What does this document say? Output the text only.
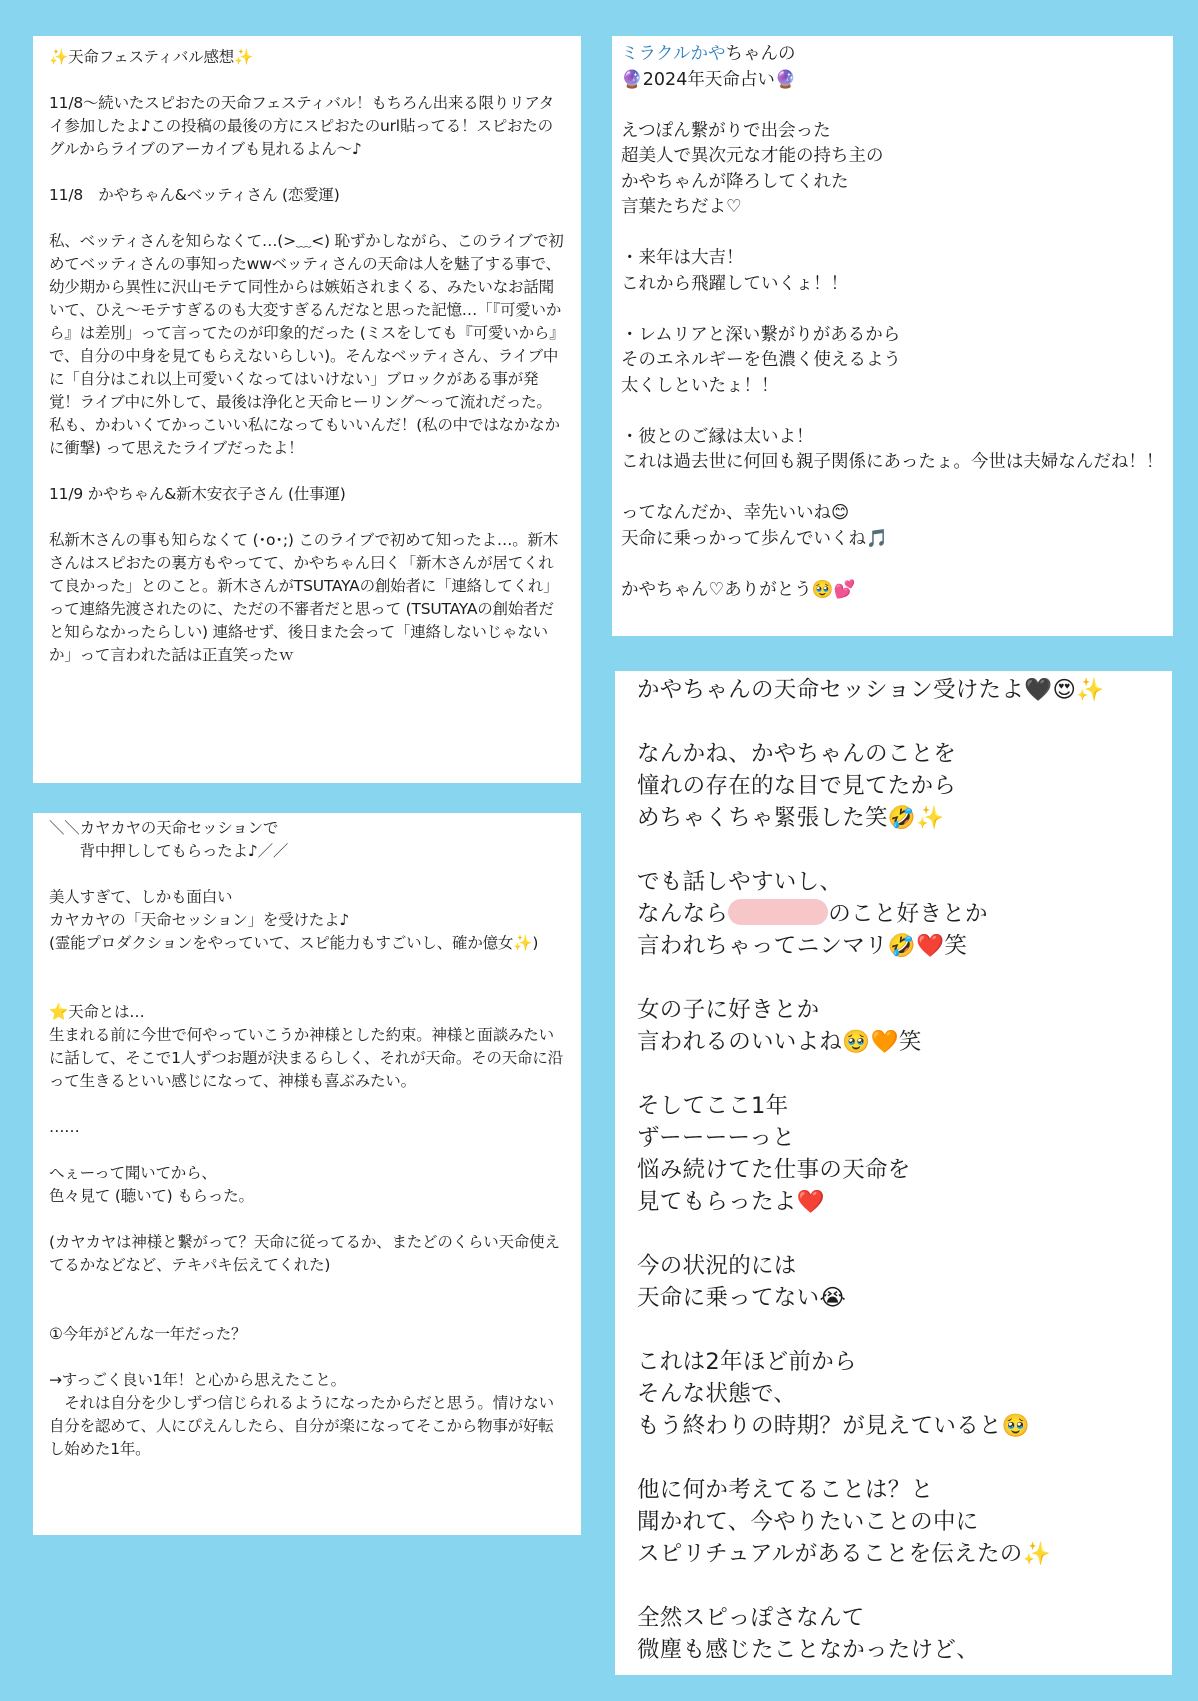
✨天命フェスティバル感想✨

11/8〜続いたスピおたの天命フェスティバル！もちろん出来る限りリアタイ参加したよ♪この投稿の最後の方にスピおたのurl貼ってる！スピおたのグルからライブのアーカイブも見れるよん〜♪

11/8　かやちゃん&ベッティさん (恋愛運)

私、ベッティさんを知らなくて…(>﹏<) 恥ずかしながら、このライブで初めてベッティさんの事知ったwwベッティさんの天命は人を魅了する事で、幼少期から異性に沢山モテて同性からは嫉妬されまくる、みたいなお話聞いて、ひえ〜モテすぎるのも大変すぎるんだなと思った記憶…「『可愛いから』は差別」って言ってたのが印象的だった (ミスをしても『可愛いから』で、自分の中身を見てもらえないらしい)。そんなベッティさん、ライブ中に「自分はこれ以上可愛いくなってはいけない」ブロックがある事が発覚！ライブ中に外して、最後は浄化と天命ヒーリング〜って流れだった。私も、かわいくてかっこいい私になってもいいんだ！(私の中ではなかなかに衝撃) って思えたライブだったよ！

11/9 かやちゃん&新木安衣子さん (仕事運)

私新木さんの事も知らなくて (･o･;) このライブで初めて知ったよ…。新木さんはスピおたの裏方もやってて、かやちゃん曰く「新木さんが居てくれて良かった」とのこと。新木さんがTSUTAYAの創始者に「連絡してくれ」って連絡先渡されたのに、ただの不審者だと思って (TSUTAYAの創始者だと知らなかったらしい) 連絡せず、後日また会って「連絡しないじゃないか」って言われた話は正直笑ったｗ

ミラクルかやちゃんの

🔮2024年天命占い🔮

えつぽん繋がりで出会った
超美人で異次元な才能の持ち主の
かやちゃんが降ろしてくれた
言葉たちだよ♡

・来年は大吉！
これから飛躍していくょ！！

・レムリアと深い繋がりがあるから
そのエネルギーを色濃く使えるよう
太くしといたょ！！

・彼とのご縁は太いよ！
これは過去世に何回も親子関係にあったょ。今世は夫婦なんだね！！

ってなんだか、幸先いいね😊
天命に乗っかって歩んでいくね🎵

かやちゃん♡ありがとう🥹💕

＼＼カヤカヤの天命セッションで
　　背中押ししてもらったよ♪／／

美人すぎて、しかも面白い
カヤカヤの「天命セッション」を受けたよ♪
(霊能プロダクションをやっていて、スピ能力もすごいし、確か億女✨)

⭐天命とは…
生まれる前に今世で何やっていこうか神様とした約束。神様と面談みたいに話して、そこで1人ずつお題が決まるらしく、それが天命。その天命に沿って生きるといい感じになって、神様も喜ぶみたい。

……

へぇーって聞いてから、
色々見て (聴いて) もらった。

(カヤカヤは神様と繋がって？天命に従ってるか、またどのくらい天命使えてるかなどなど、テキパキ伝えてくれた)

①今年がどんな一年だった？

→すっごく良い1年！と心から思えたこと。
　それは自分を少しずつ信じられるようになったからだと思う。情けない自分を認めて、人にぴえんしたら、自分が楽になってそこから物事が好転し始めた1年。

かやちゃんの天命セッション受けたよ🖤😍✨

なんかね、かやちゃんのことを
憧れの存在的な目で見てたから
めちゃくちゃ緊張した笑🤣✨

でも話しやすいし、
なんなら	のこと好きとか
言われちゃってニンマリ🤣❤️笑

女の子に好きとか
言われるのいいよね🥹🧡笑

そしてここ1年
ずーーーーっと
悩み続けてた仕事の天命を
見てもらったよ❤️

今の状況的には
天命に乗ってない😭

これは2年ほど前から
そんな状態で、
もう終わりの時期？が見えていると🥹

他に何か考えてることは？と
聞かれて、今やりたいことの中に
スピリチュアルがあることを伝えたの✨

全然スピっぽさなんて
微塵も感じたことなかったけど、
